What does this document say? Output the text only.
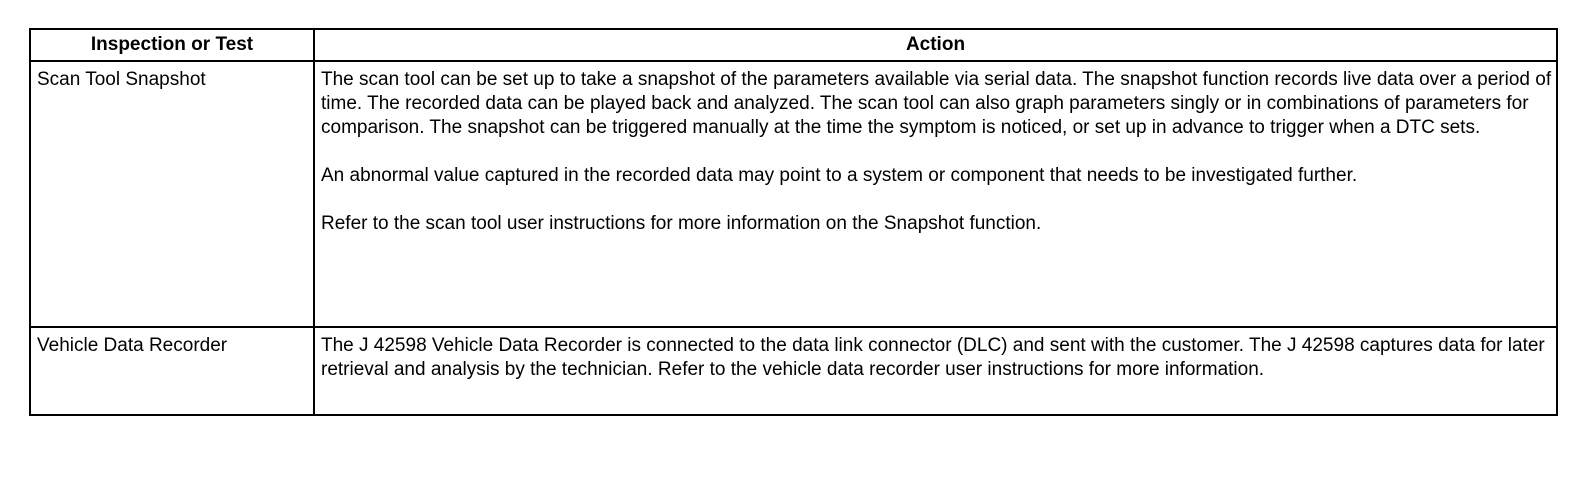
Inspection or Test	Action
Scan Tool Snapshot	The scan tool can be set up to take a snapshot of the parameters available via serial data. The snapshot function records live data over a period of time. The recorded data can be played back and analyzed. The scan tool can also graph parameters singly or in combinations of parameters for comparison. The snapshot can be triggered manually at the time the symptom is noticed, or set up in advance to trigger when a DTC sets.

An abnormal value captured in the recorded data may point to a system or component that needs to be investigated further.

Refer to the scan tool user instructions for more information on the Snapshot function.

Vehicle Data Recorder	The J 42598 Vehicle Data Recorder is connected to the data link connector (DLC) and sent with the customer. The J 42598 captures data for later retrieval and analysis by the technician. Refer to the vehicle data recorder user instructions for more information.
